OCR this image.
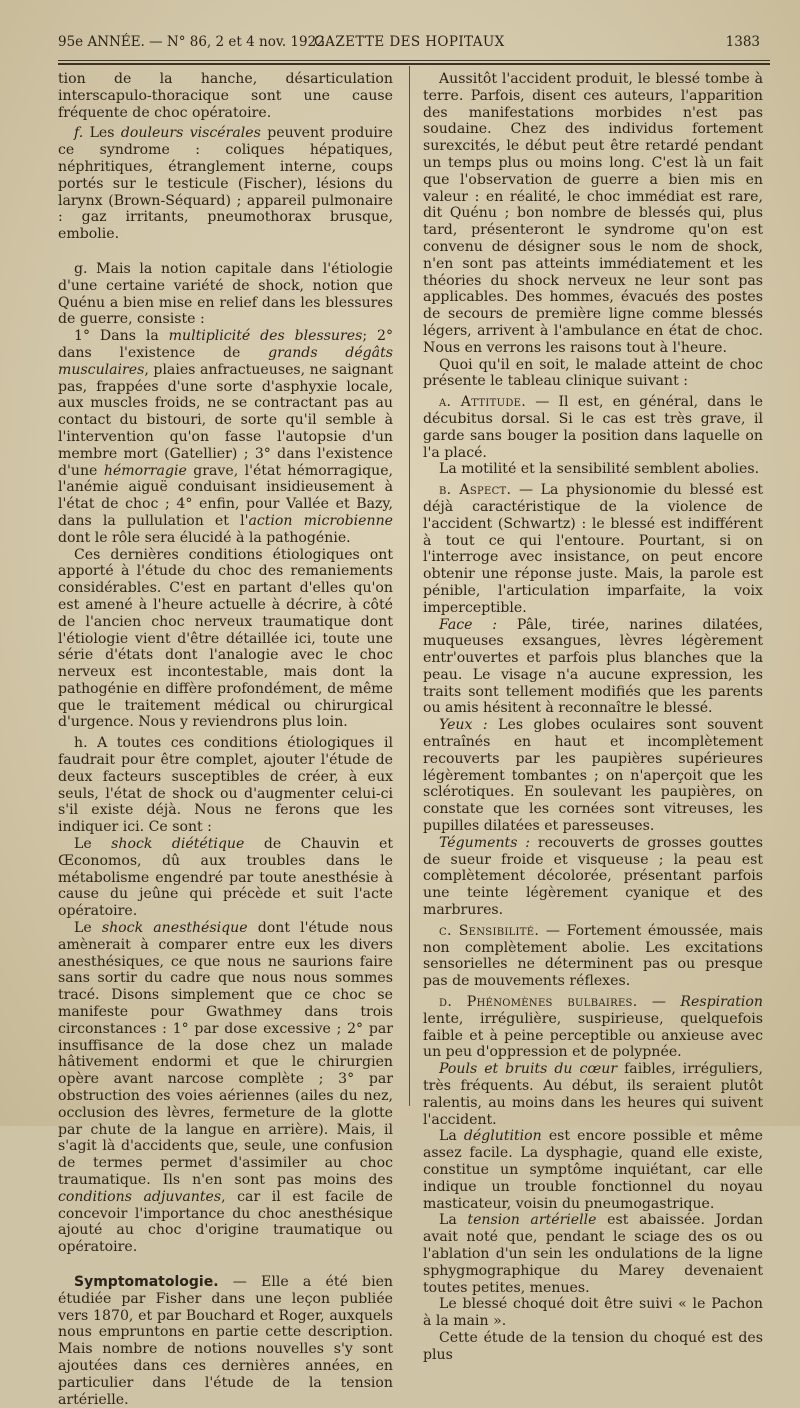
95e ANNÉE. — N° 86, 2 et 4 nov. 1922.
GAZETTE DES HOPITAUX	1383

tion de la hanche, désarticulation interscapulo-thoracique sont une cause fréquente de choc opératoire.

f. Les douleurs viscérales peuvent produire ce syndrome : coliques hépatiques, néphritiques, étranglement interne, coups portés sur le testicule (Fischer), lésions du larynx (Brown-Séquard) ; appareil pulmonaire : gaz irritants, pneumothorax brusque, embolie.

g. Mais la notion capitale dans l'étiologie d'une certaine variété de shock, notion que Quénu a bien mise en relief dans les blessures de guerre, consiste :

1° Dans la multiplicité des blessures; 2° dans l'existence de grands dégâts musculaires, plaies anfractueuses, ne saignant pas, frappées d'une sorte d'asphyxie locale, aux muscles froids, ne se contractant pas au contact du bistouri, de sorte qu'il semble à l'intervention qu'on fasse l'autopsie d'un membre mort (Gatellier) ; 3° dans l'existence d'une hémorragie grave, l'état hémorragique, l'anémie aiguë conduisant insidieusement à l'état de choc ; 4° enfin, pour Vallée et Bazy, dans la pullulation et l'action microbienne dont le rôle sera élucidé à la pathogénie.

Ces dernières conditions étiologiques ont apporté à l'étude du choc des remaniements considérables. C'est en partant d'elles qu'on est amené à l'heure actuelle à décrire, à côté de l'ancien choc nerveux traumatique dont l'étiologie vient d'être détaillée ici, toute une série d'états dont l'analogie avec le choc nerveux est incontestable, mais dont la pathogénie en diffère profondément, de même que le traitement médical ou chirurgical d'urgence. Nous y reviendrons plus loin.

h. A toutes ces conditions étiologiques il faudrait pour être complet, ajouter l'étude de deux facteurs susceptibles de créer, à eux seuls, l'état de shock ou d'augmenter celui-ci s'il existe déjà. Nous ne ferons que les indiquer ici. Ce sont :

Le shock diététique de Chauvin et Œconomos, dû aux troubles dans le métabolisme engendré par toute anesthésie à cause du jeûne qui précède et suit l'acte opératoire.

Le shock anesthésique dont l'étude nous amènerait à comparer entre eux les divers anesthésiques, ce que nous ne saurions faire sans sortir du cadre que nous nous sommes tracé. Disons simplement que ce choc se manifeste pour Gwathmey dans trois circonstances : 1° par dose excessive ; 2° par insuffisance de la dose chez un malade hâtivement endormi et que le chirurgien opère avant narcose complète ; 3° par obstruction des voies aériennes (ailes du nez, occlusion des lèvres, fermeture de la glotte par chute de la langue en arrière). Mais, il s'agit là d'accidents que, seule, une confusion de termes permet d'assimiler au choc traumatique. Ils n'en sont pas moins des conditions adjuvantes, car il est facile de concevoir l'importance du choc anesthésique ajouté au choc d'origine traumatique ou opératoire.

Symptomatologie. — Elle a été bien étudiée par Fisher dans une leçon publiée vers 1870, et par Bouchard et Roger, auxquels nous empruntons en partie cette description. Mais nombre de notions nouvelles s'y sont ajoutées dans ces dernières années, en particulier dans l'étude de la tension artérielle.

Aussitôt l'accident produit, le blessé tombe à terre. Parfois, disent ces auteurs, l'apparition des manifestations morbides n'est pas soudaine. Chez des individus fortement surexcités, le début peut être retardé pendant un temps plus ou moins long. C'est là un fait que l'observation de guerre a bien mis en valeur : en réalité, le choc immédiat est rare, dit Quénu ; bon nombre de blessés qui, plus tard, présenteront le syndrome qu'on est convenu de désigner sous le nom de shock, n'en sont pas atteints immédiatement et les théories du shock nerveux ne leur sont pas applicables. Des hommes, évacués des postes de secours de première ligne comme blessés légers, arrivent à l'ambulance en état de choc. Nous en verrons les raisons tout à l'heure.

Quoi qu'il en soit, le malade atteint de choc présente le tableau clinique suivant :

a. Attitude. — Il est, en général, dans le décubitus dorsal. Si le cas est très grave, il garde sans bouger la position dans laquelle on l'a placé.

La motilité et la sensibilité semblent abolies.

b. Aspect. — La physionomie du blessé est déjà caractéristique de la violence de l'accident (Schwartz) : le blessé est indifférent à tout ce qui l'entoure. Pourtant, si on l'interroge avec insistance, on peut encore obtenir une réponse juste. Mais, la parole est pénible, l'articulation imparfaite, la voix imperceptible.

Face : Pâle, tirée, narines dilatées, muqueuses exsangues, lèvres légèrement entr'ouvertes et parfois plus blanches que la peau. Le visage n'a aucune expression, les traits sont tellement modifiés que les parents ou amis hésitent à reconnaître le blessé.

Yeux : Les globes oculaires sont souvent entraînés en haut et incomplètement recouverts par les paupières supérieures légèrement tombantes ; on n'aperçoit que les sclérotiques. En soulevant les paupières, on constate que les cornées sont vitreuses, les pupilles dilatées et paresseuses.

Téguments : recouverts de grosses gouttes de sueur froide et visqueuse ; la peau est complètement décolorée, présentant parfois une teinte légèrement cyanique et des marbrures.

c. Sensibilité. — Fortement émoussée, mais non complètement abolie. Les excitations sensorielles ne déterminent pas ou presque pas de mouvements réflexes.

d. Phénomènes bulbaires. — Respiration lente, irrégulière, suspirieuse, quelquefois faible et à peine perceptible ou anxieuse avec un peu d'oppression et de polypnée.

Pouls et bruits du cœur faibles, irréguliers, très fréquents. Au début, ils seraient plutôt ralentis, au moins dans les heures qui suivent l'accident.

La déglutition est encore possible et même assez facile. La dysphagie, quand elle existe, constitue un symptôme inquiétant, car elle indique un trouble fonctionnel du noyau masticateur, voisin du pneumogastrique.

La tension artérielle est abaissée. Jordan avait noté que, pendant le sciage des os ou l'ablation d'un sein les ondulations de la ligne sphygmographique du Marey devenaient toutes petites, menues.

Le blessé choqué doit être suivi « le Pachon à la main ».

Cette étude de la tension du choqué est des plus
